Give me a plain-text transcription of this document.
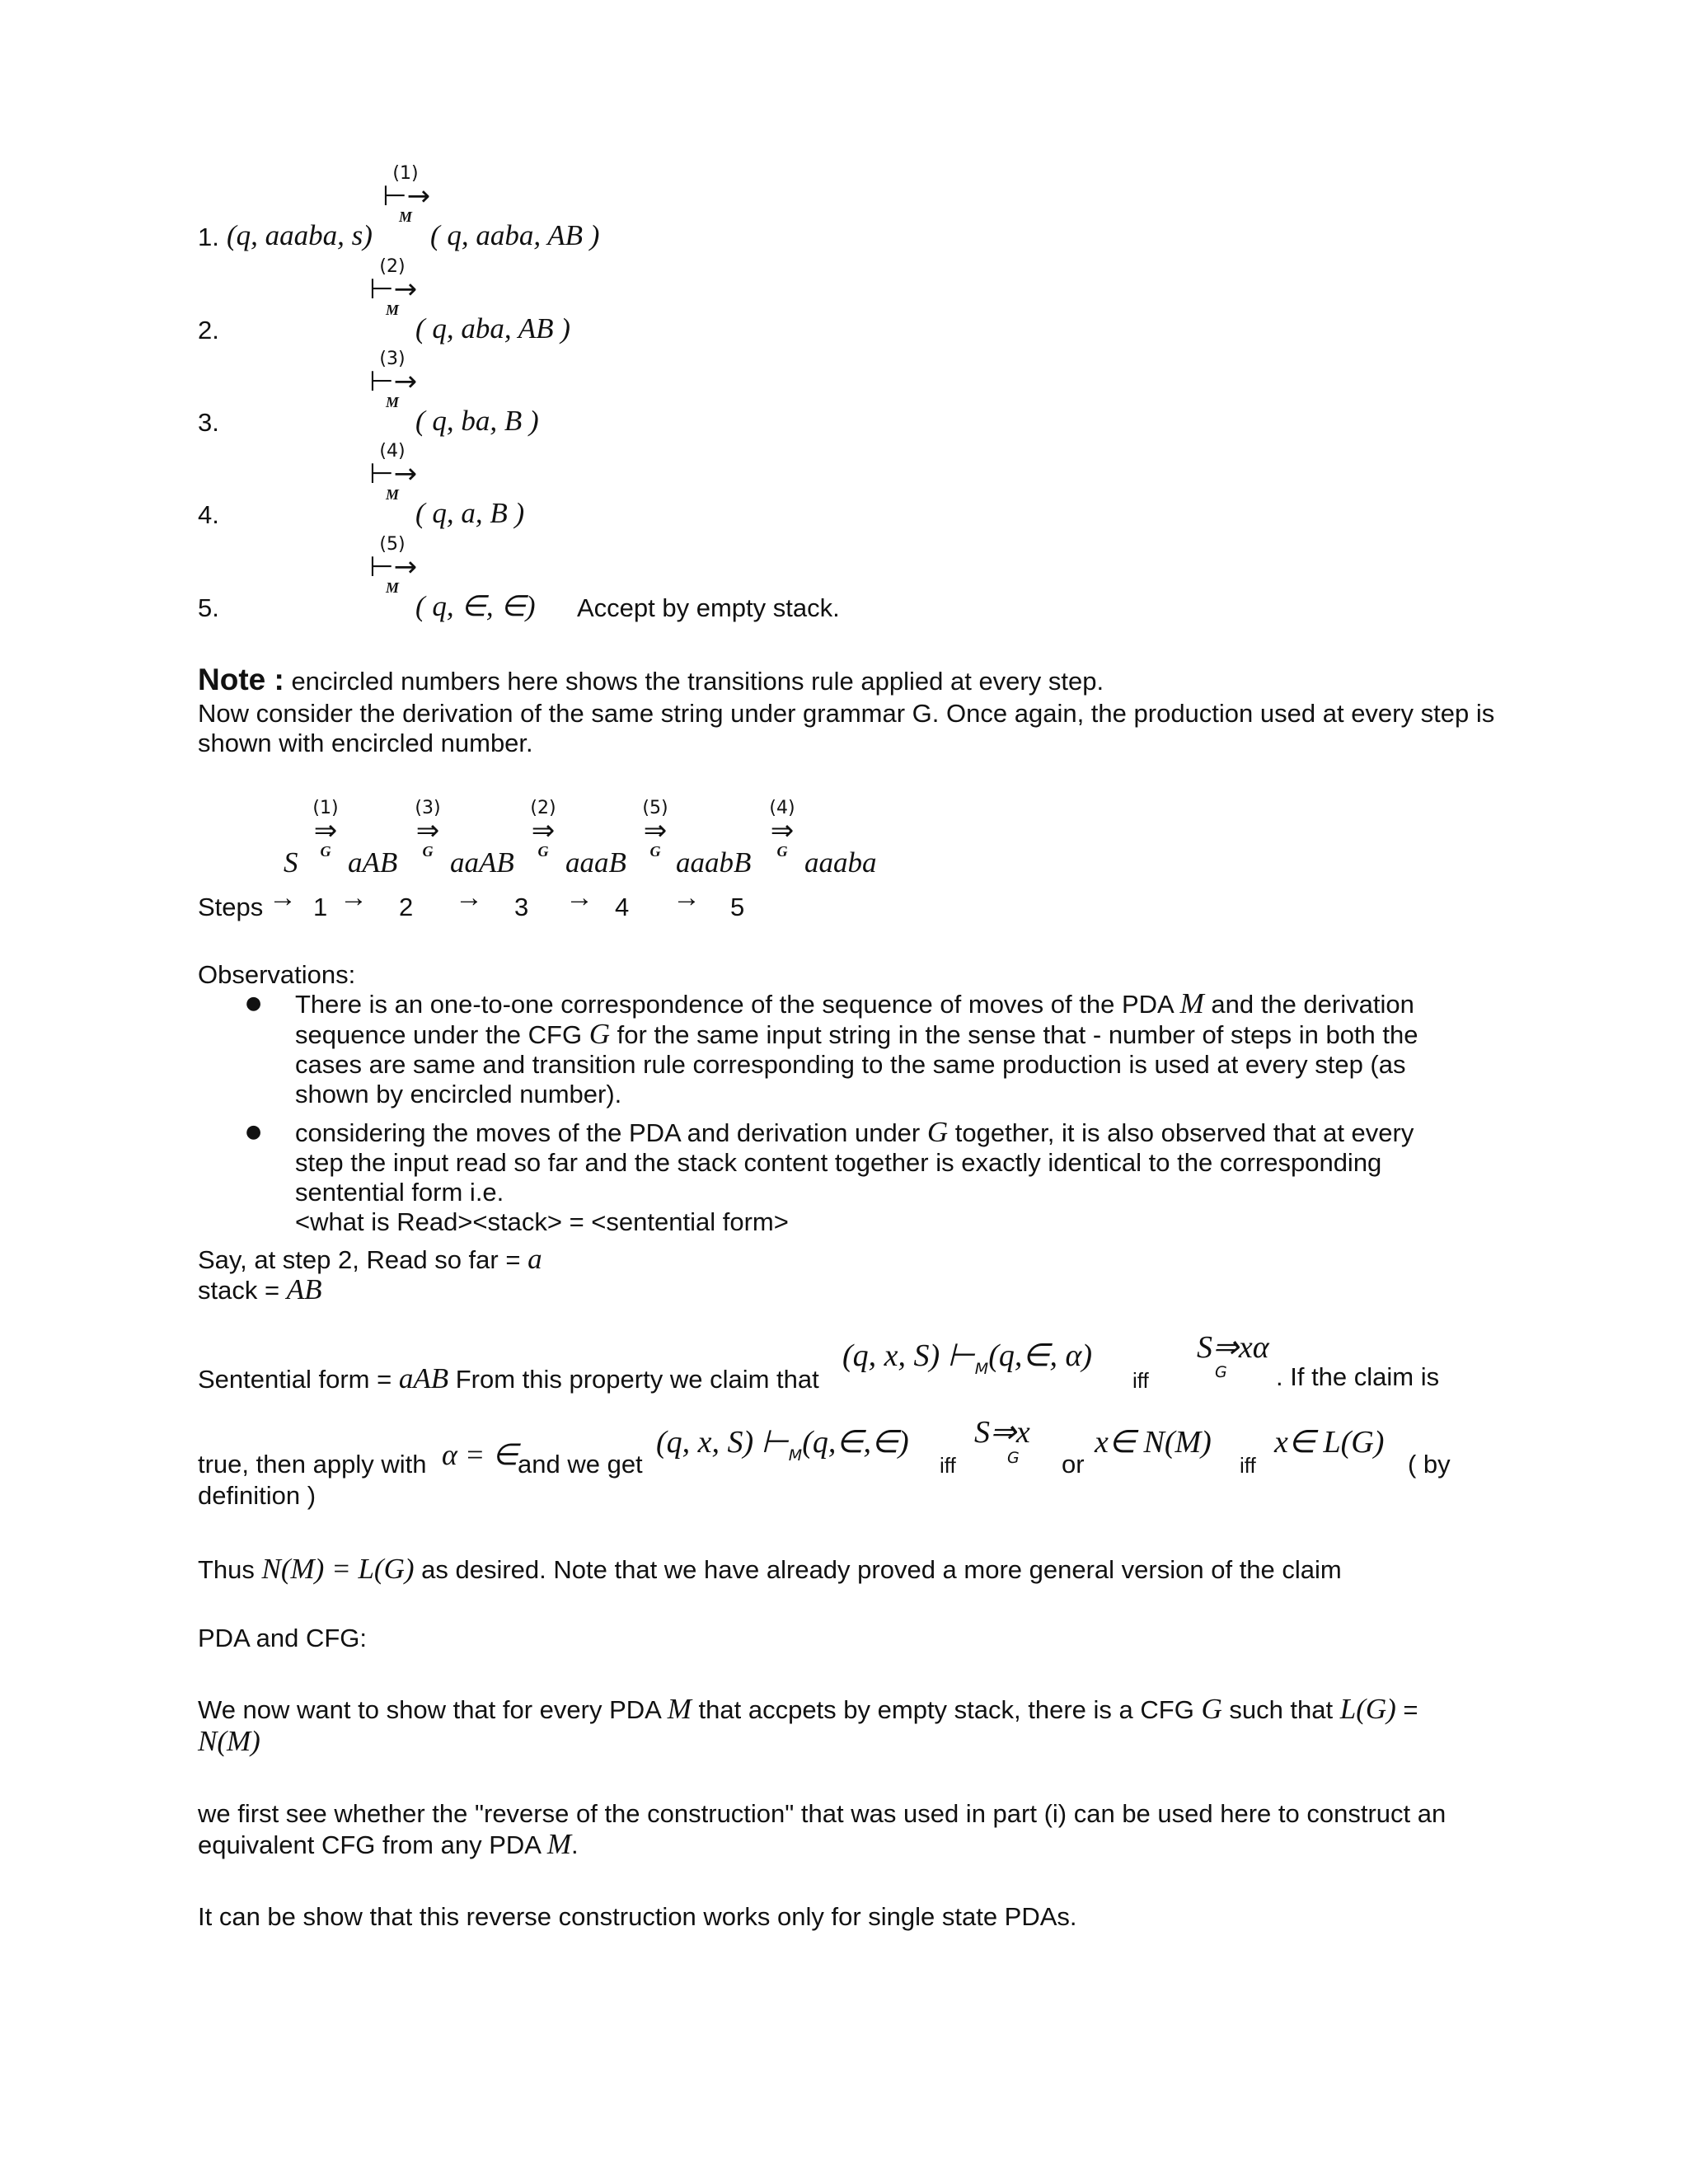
1. (q, aaaba, s)
(1)
⊢→
M
( q, aaba, AB )
2.
(2)
⊢→
M
( q, aba, AB )
3.
(3)
⊢→
M
( q, ba, B )
4.
(4)
⊢→
M
( q, a, B )
5.
(5)
⊢→
M
( q, ∈, ∈) Accept by empty stack.
Note : encircled numbers here shows the transitions rule applied at every step.
Now consider the derivation of the same string under grammar G. Once again, the production used at every step is shown with encircled number.
S
(1)
⇒
G aAB
(3)
⇒
G aaAB
(2)
⇒
G aaaB
(5)
⇒
G aaabB
(4)
⇒
G aaaba
Steps → 1 → 2 → 3 → 4 → 5
Observations:
● There is an one-to-one correspondence of the sequence of moves of the PDA M and the derivation
sequence under the CFG G for the same input string in the sense that - number of steps in both the
cases are same and transition rule corresponding to the same production is used at every step (as
shown by encircled number).
● considering the moves of the PDA and derivation under G together, it is also observed that at every
step the input read so far and the stack content together is exactly identical to the corresponding
sentential form i.e.
<what is Read><stack> = <sentential form>
Say, at step 2, Read so far = a
stack = AB
Sentential form = aAB From this property we claim that
(q, x, S) $⊢_M(q,\in$, α)
iff
S⇒xα
G . If the claim is
true, then apply with α = ∈ and we get
(q, x, S) $⊢_M(q,\in,\in)$
iff
S⇒x
G or
x∈ N(M)
iff
x∈ L(G)
( by
definition )
Thus N(M) = L(G) as desired. Note that we have already proved a more general version of the claim
PDA and CFG:
We now want to show that for every PDA M that accpets by empty stack, there is a CFG G such that L(G) =
N(M)
we first see whether the "reverse of the construction" that was used in part (i) can be used here to construct an
equivalent CFG from any PDA M.
It can be show that this reverse construction works only for single state PDAs.
